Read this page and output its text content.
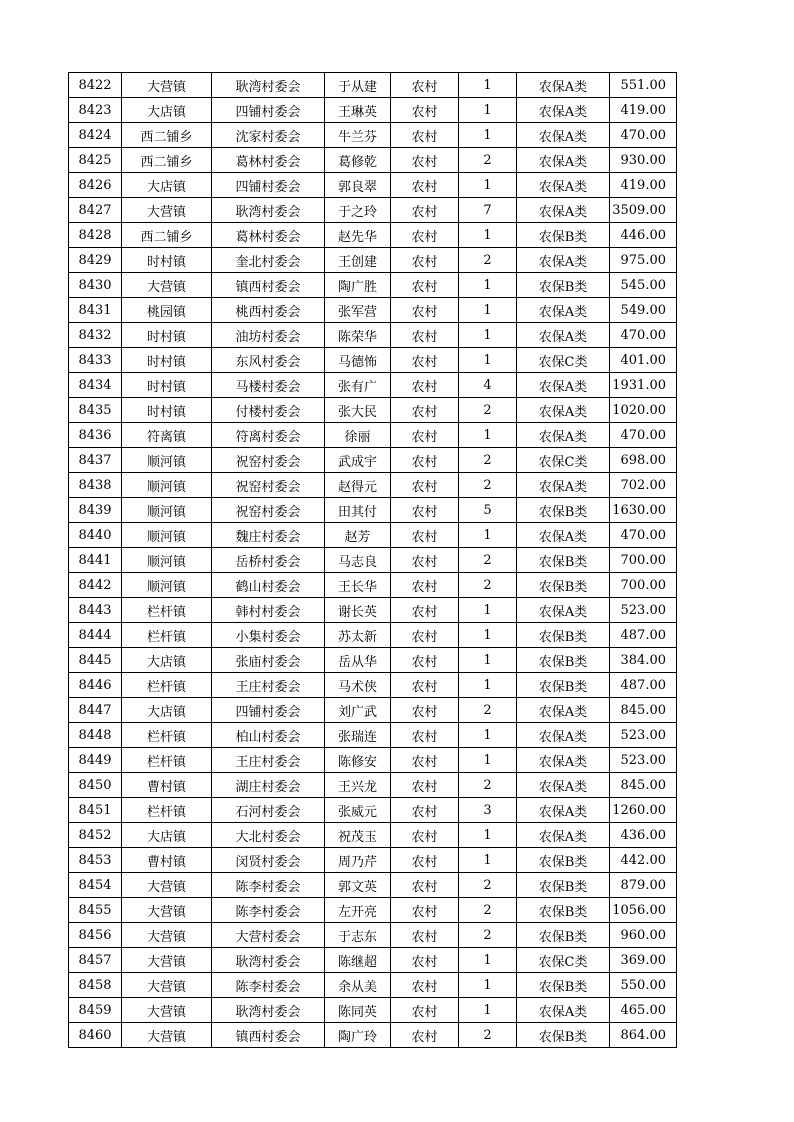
8422	大营镇	耿湾村委会	于从建	农村	1	农保A类	551.00
8423	大店镇	四铺村委会	王琳英	农村	1	农保A类	419.00
8424	西二铺乡	沈家村委会	牛兰芬	农村	1	农保A类	470.00
8425	西二铺乡	葛林村委会	葛修乾	农村	2	农保A类	930.00
8426	大店镇	四铺村委会	郭良翠	农村	1	农保A类	419.00
8427	大营镇	耿湾村委会	于之玲	农村	7	农保A类	3509.00
8428	西二铺乡	葛林村委会	赵先华	农村	1	农保B类	446.00
8429	时村镇	奎北村委会	王创建	农村	2	农保A类	975.00
8430	大营镇	镇西村委会	陶广胜	农村	1	农保B类	545.00
8431	桃园镇	桃西村委会	张军营	农村	1	农保A类	549.00
8432	时村镇	油坊村委会	陈荣华	农村	1	农保A类	470.00
8433	时村镇	东风村委会	马德怖	农村	1	农保C类	401.00
8434	时村镇	马楼村委会	张有广	农村	4	农保A类	1931.00
8435	时村镇	付楼村委会	张大民	农村	2	农保A类	1020.00
8436	符离镇	符离村委会	徐丽	农村	1	农保A类	470.00
8437	顺河镇	祝窑村委会	武成宇	农村	2	农保C类	698.00
8438	顺河镇	祝窑村委会	赵得元	农村	2	农保A类	702.00
8439	顺河镇	祝窑村委会	田其付	农村	5	农保B类	1630.00
8440	顺河镇	魏庄村委会	赵芳	农村	1	农保A类	470.00
8441	顺河镇	岳桥村委会	马志良	农村	2	农保B类	700.00
8442	顺河镇	鹤山村委会	王长华	农村	2	农保B类	700.00
8443	栏杆镇	韩村村委会	谢长英	农村	1	农保A类	523.00
8444	栏杆镇	小集村委会	苏太新	农村	1	农保B类	487.00
8445	大店镇	张庙村委会	岳从华	农村	1	农保B类	384.00
8446	栏杆镇	王庄村委会	马术侠	农村	1	农保B类	487.00
8447	大店镇	四铺村委会	刘广武	农村	2	农保A类	845.00
8448	栏杆镇	柏山村委会	张瑞连	农村	1	农保A类	523.00
8449	栏杆镇	王庄村委会	陈修安	农村	1	农保A类	523.00
8450	曹村镇	湖庄村委会	王兴龙	农村	2	农保A类	845.00
8451	栏杆镇	石河村委会	张威元	农村	3	农保A类	1260.00
8452	大店镇	大北村委会	祝茂玉	农村	1	农保A类	436.00
8453	曹村镇	闵贤村委会	周乃芹	农村	1	农保B类	442.00
8454	大营镇	陈李村委会	郭文英	农村	2	农保B类	879.00
8455	大营镇	陈李村委会	左开亮	农村	2	农保B类	1056.00
8456	大营镇	大营村委会	于志东	农村	2	农保B类	960.00
8457	大营镇	耿湾村委会	陈继超	农村	1	农保C类	369.00
8458	大营镇	陈李村委会	余从美	农村	1	农保B类	550.00
8459	大营镇	耿湾村委会	陈同英	农村	1	农保A类	465.00
8460	大营镇	镇西村委会	陶广玲	农村	2	农保B类	864.00
